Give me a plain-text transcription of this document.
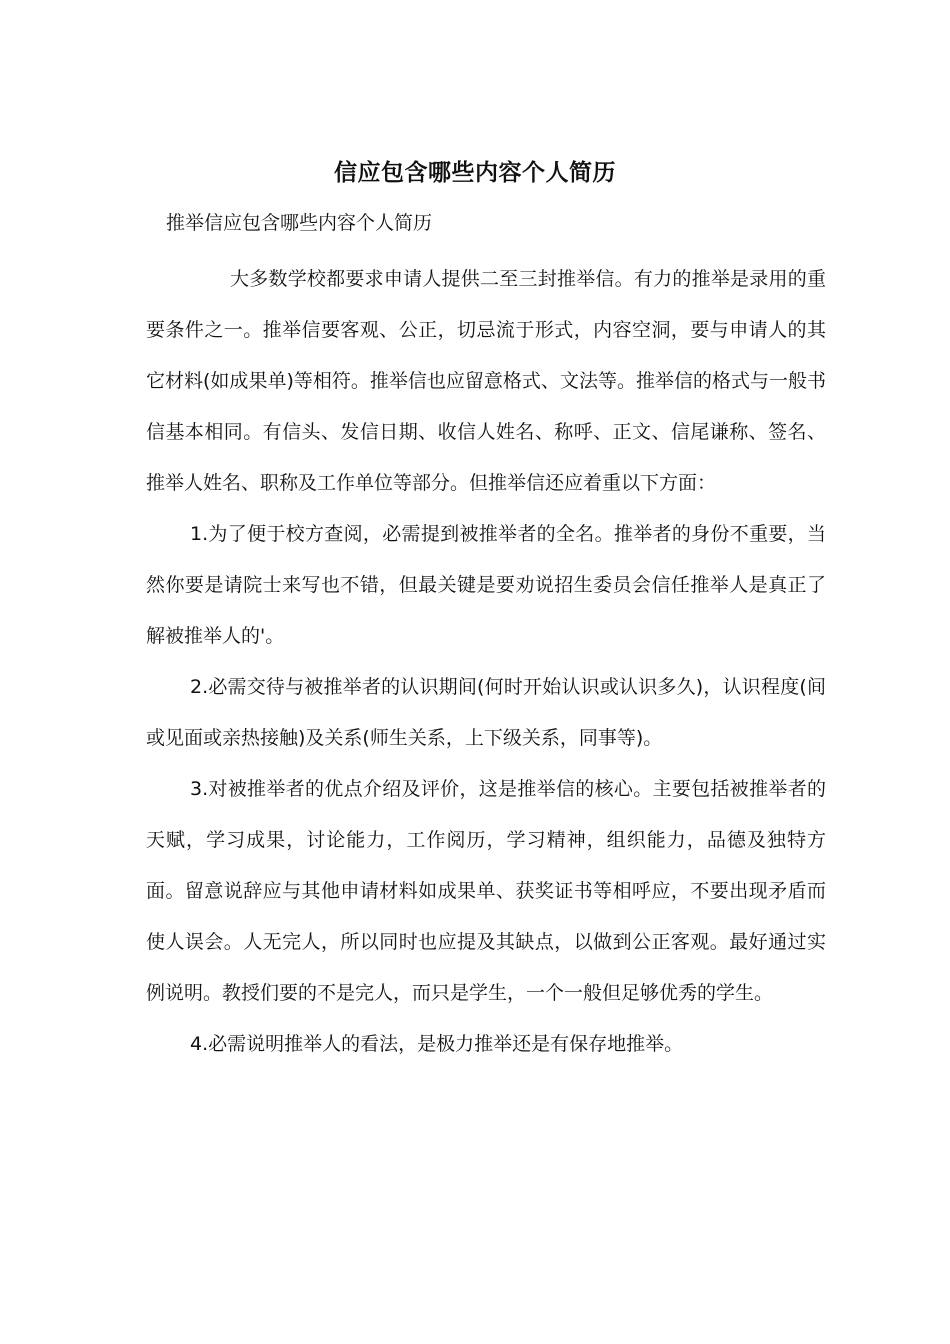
信应包含哪些内容个人简历

推举信应包含哪些内容个人简历

大多数学校都要求申请人提供二至三封推举信。有力的推举是录用的重要条件之一。推举信要客观、公正，切忌流于形式，内容空洞，要与申请人的其它材料(如成果单)等相符。推举信也应留意格式、文法等。推举信的格式与一般书信基本相同。有信头、发信日期、收信人姓名、称呼、正文、信尾谦称、签名、推举人姓名、职称及工作单位等部分。但推举信还应着重以下方面：

1.为了便于校方查阅，必需提到被推举者的全名。推举者的身份不重要，当然你要是请院士来写也不错，但最关键是要劝说招生委员会信任推举人是真正了解被推举人的'。

2.必需交待与被推举者的认识期间(何时开始认识或认识多久)，认识程度(间或见面或亲热接触)及关系(师生关系，上下级关系，同事等)。

3.对被推举者的优点介绍及评价，这是推举信的核心。主要包括被推举者的天赋，学习成果，讨论能力，工作阅历，学习精神，组织能力，品德及独特方面。留意说辞应与其他申请材料如成果单、获奖证书等相呼应，不要出现矛盾而使人误会。人无完人，所以同时也应提及其缺点，以做到公正客观。最好通过实例说明。教授们要的不是完人，而只是学生，一个一般但足够优秀的学生。

4.必需说明推举人的看法，是极力推举还是有保存地推举。
